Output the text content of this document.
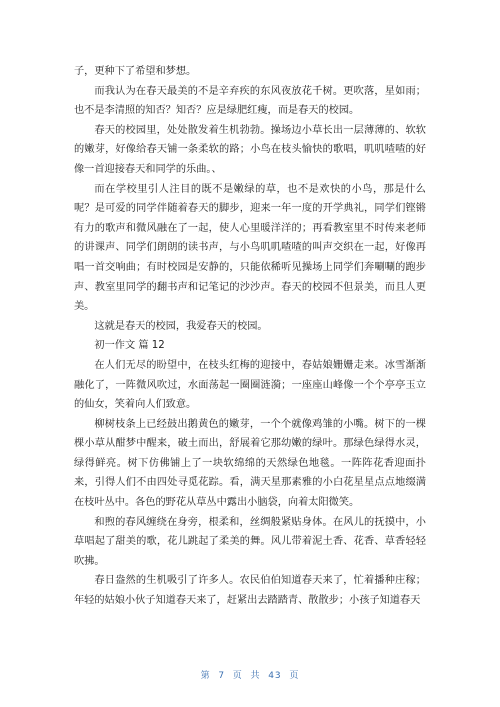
子，更种下了希望和梦想。

而我认为在春天最美的不是辛弃疾的东风夜放花千树。更吹落，星如雨；也不是李清照的知否？知否？应是绿肥红瘦，而是春天的校园。

春天的校园里，处处散发着生机勃勃。操场边小草长出一层薄薄的、软软的嫩芽，好像给春天铺一条柔软的路；小鸟在枝头愉快的歌唱，叽叽喳喳的好像一首迎接春天和同学的乐曲。、

而在学校里引人注目的既不是嫩绿的草，也不是欢快的小鸟，那是什么呢？是可爱的同学伴随着春天的脚步，迎来一年一度的开学典礼，同学们铿锵有力的歌声和微风融在了一起，使人心里暖洋洋的；再看教室里不时传来老师的讲课声、同学们朗朗的读书声，与小鸟叽叽喳喳的叫声交织在一起，好像再唱一首交响曲；有时校园是安静的，只能依稀听见操场上同学们奔唰唰的跑步声、教室里同学的翻书声和记笔记的沙沙声。春天的校园不但景美，而且人更美。

这就是春天的校园，我爱春天的校园。

初一作文 篇 12

在人们无尽的盼望中，在枝头红梅的迎接中，春姑娘姗姗走来。冰雪渐渐融化了，一阵微风吹过，水面荡起一圈圈涟漪；一座座山峰像一个个亭亭玉立的仙女，笑着向人们致意。

柳树枝条上已经鼓出鹅黄色的嫩芽，一个个就像鸡雏的小嘴。树下的一棵棵小草从酣梦中醒来，破土而出，舒展着它那幼嫩的绿叶。那绿色绿得水灵，绿得鲜亮。树下仿佛铺上了一块软绵绵的天然绿色地毯。一阵阵花香迎面扑来，引得人们不由四处寻觅花踪。看，满天星那素雅的小白花星星点点地缀满在枝叶丛中。各色的野花从草丛中露出小脑袋，向着太阳微笑。

和煦的春风缠绕在身旁，根柔和，丝绸般紧贴身体。在风儿的抚摸中，小草唱起了甜美的歌，花儿跳起了柔美的舞。风儿带着泥土香、花香、草香轻轻吹拂。

春日盎然的生机吸引了许多人。农民伯伯知道春天来了，忙着播种庄稼；年轻的姑娘小伙子知道春天来了，赶紧出去踏踏青、散散步；小孩子知道春天

第  7  页  共  43  页
